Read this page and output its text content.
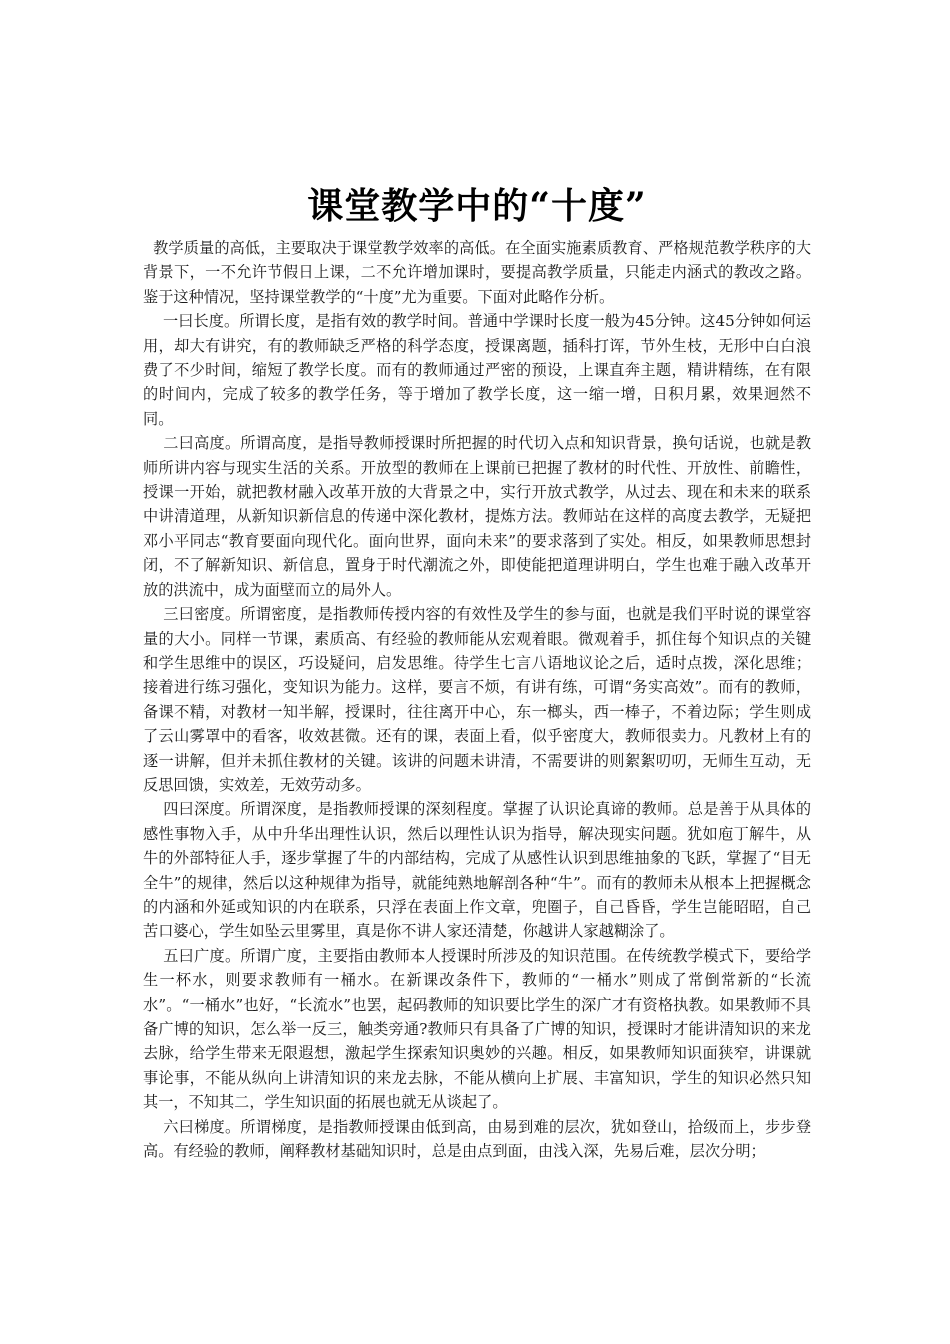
课堂教学中的“十度”

教学质量的高低，主要取决于课堂教学效率的高低。在全面实施素质教育、严格规范教学秩序的大背景下，一不允许节假日上课，二不允许增加课时，要提高教学质量，只能走内涵式的教改之路。鉴于这种情况，坚持课堂教学的“十度”尤为重要。下面对此略作分析。

一曰长度。所谓长度，是指有效的教学时间。普通中学课时长度一般为45分钟。这45分钟如何运用，却大有讲究，有的教师缺乏严格的科学态度，授课离题，插科打诨，节外生枝，无形中白白浪费了不少时间，缩短了教学长度。而有的教师通过严密的预设，上课直奔主题，精讲精练，在有限的时间内，完成了较多的教学任务，等于增加了教学长度，这一缩一增，日积月累，效果迥然不同。

二曰高度。所谓高度，是指导教师授课时所把握的时代切入点和知识背景，换句话说，也就是教师所讲内容与现实生活的关系。开放型的教师在上课前已把握了教材的时代性、开放性、前瞻性，授课一开始，就把教材融入改革开放的大背景之中，实行开放式教学，从过去、现在和未来的联系中讲清道理，从新知识新信息的传递中深化教材，提炼方法。教师站在这样的高度去教学，无疑把邓小平同志“教育要面向现代化。面向世界，面向未来”的要求落到了实处。相反，如果教师思想封闭，不了解新知识、新信息，置身于时代潮流之外，即使能把道理讲明白，学生也难于融入改革开放的洪流中，成为面壁而立的局外人。

三曰密度。所谓密度，是指教师传授内容的有效性及学生的参与面，也就是我们平时说的课堂容量的大小。同样一节课，素质高、有经验的教师能从宏观着眼。微观着手，抓住每个知识点的关键和学生思维中的误区，巧设疑问，启发思维。待学生七言八语地议论之后，适时点拨，深化思维；接着进行练习强化，变知识为能力。这样，要言不烦，有讲有练，可谓“务实高效”。而有的教师，备课不精，对教材一知半解，授课时，往往离开中心，东一榔头，西一棒子，不着边际；学生则成了云山雾罩中的看客，收效甚微。还有的课，表面上看，似乎密度大，教师很卖力。凡教材上有的逐一讲解，但并未抓住教材的关键。该讲的问题未讲清，不需要讲的则絮絮叨叨，无师生互动，无反思回馈，实效差，无效劳动多。

四曰深度。所谓深度，是指教师授课的深刻程度。掌握了认识论真谛的教师。总是善于从具体的感性事物入手，从中升华出理性认识，然后以理性认识为指导，解决现实问题。犹如庖丁解牛，从牛的外部特征人手，逐步掌握了牛的内部结构，完成了从感性认识到思维抽象的飞跃，掌握了“目无全牛”的规律，然后以这种规律为指导，就能纯熟地解剖各种“牛”。而有的教师未从根本上把握概念的内涵和外延或知识的内在联系，只浮在表面上作文章，兜圈子，自己昏昏，学生岂能昭昭，自己苦口婆心，学生如坠云里雾里，真是你不讲人家还清楚，你越讲人家越糊涂了。

五曰广度。所谓广度，主要指由教师本人授课时所涉及的知识范围。在传统教学模式下，要给学生一杯水，则要求教师有一桶水。在新课改条件下，教师的“一桶水”则成了常倒常新的“长流水”。“一桶水”也好，“长流水”也罢，起码教师的知识要比学生的深广才有资格执教。如果教师不具备广博的知识，怎么举一反三，触类旁通?教师只有具备了广博的知识，授课时才能讲清知识的来龙去脉，给学生带来无限遐想，激起学生探索知识奥妙的兴趣。相反，如果教师知识面狭窄，讲课就事论事，不能从纵向上讲清知识的来龙去脉，不能从横向上扩展、丰富知识，学生的知识必然只知其一，不知其二，学生知识面的拓展也就无从谈起了。

六曰梯度。所谓梯度，是指教师授课由低到高，由易到难的层次，犹如登山，拾级而上，步步登高。有经验的教师，阐释教材基础知识时，总是由点到面，由浅入深，先易后难，层次分明；
